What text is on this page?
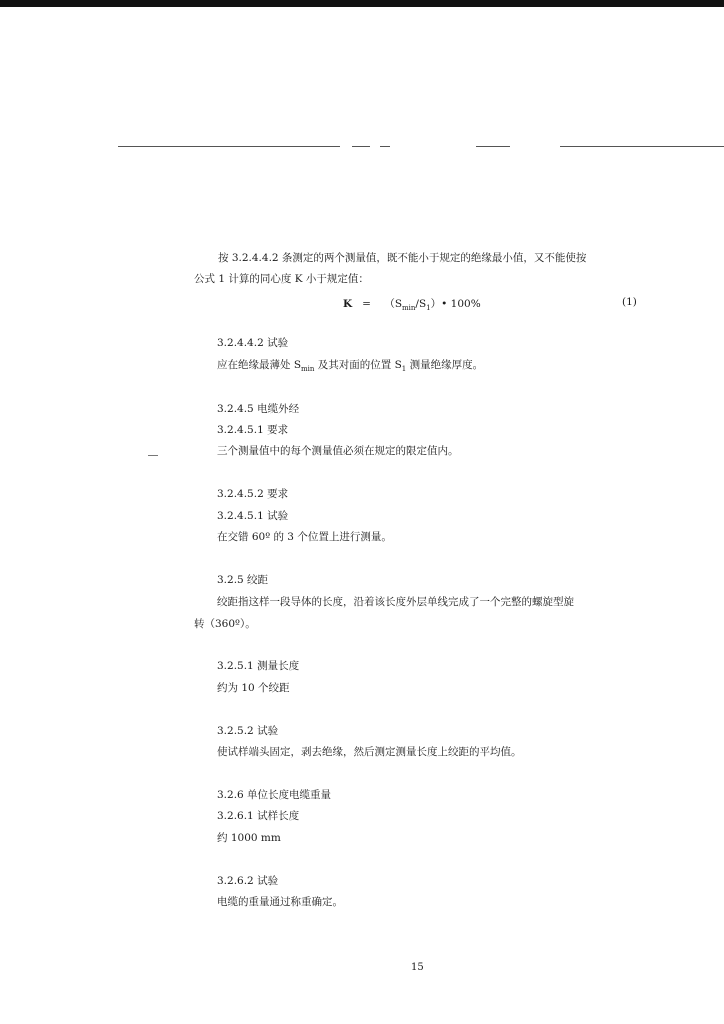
按 3.2.4.4.2 条测定的两个测量值，既不能小于规定的绝缘最小值，又不能使按
公式 1 计算的同心度 K 小于规定值：
$K = (S_{min}/S_1)•$ 100%	(1)
3.2.4.4.2 试验
应在绝缘最薄处 $S_{min}$ 及其对面的位置 $S_1$ 测量绝缘厚度。
3.2.4.5 电缆外经
3.2.4.5.1 要求
三个测量值中的每个测量值必须在规定的限定值内。
3.2.4.5.2 要求
3.2.4.5.1 试验
在交错 60º 的 3 个位置上进行测量。
3.2.5 绞距
绞距指这样一段导体的长度，沿着该长度外层单线完成了一个完整的螺旋型旋
转（360º）。
3.2.5.1 测量长度
约为 10 个绞距
3.2.5.2 试验
使试样端头固定，剥去绝缘，然后测定测量长度上绞距的平均值。
3.2.6 单位长度电缆重量
3.2.6.1 试样长度
约 1000 mm
3.2.6.2 试验
电缆的重量通过称重确定。
15
